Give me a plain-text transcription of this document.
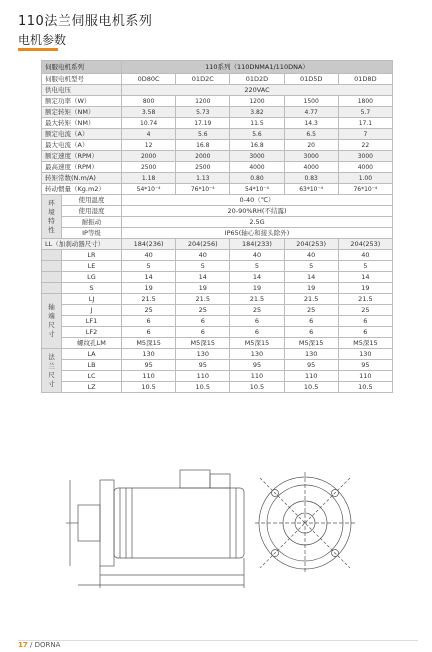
110法兰伺服电机系列
电机参数
伺服电机系列		110系列（110DNMA1/110DNA）				
伺服电机型号		0D80C	01D2C	01D2D	01D5D	01D8D
供电电压		220VAC				
额定功率（W）		800	1200	1200	1500	1800
额定转矩（NM）		3.58	5.73	3.82	4.77	5.7
最大转矩（NM）		10.74	17.19	11.5	14.3	17.1
额定电流（A）		4	5.6	5.6	6.5	7
最大电流（A）		12	16.8	16.8	20	22
额定速度（RPM）		2000	2000	3000	3000	3000
最高速度（RPM）		2500	2500	4000	4000	4000
转矩常数(N.m/A)		1.18	1.13	0.80	0.83	1.00
转动惯量（Kg.m2）		54*10⁻⁴	76*10⁻⁴	54*10⁻⁴	63*10⁻⁴	76*10⁻⁴

环
境
特
性	使用温度	0-40（℃）				
	使用湿度	20-90%RH(不结露)				
	耐振动	2.5G				
	IP等级	IP65(轴心和接头除外)				
LL（加刹动器尺寸）		184(236)	204(256)	184(233)	204(253)	204(253)
	LR	40	40	40	40	40
	LE	5	5	5	5	5
	LG	14	14	14	14	14
	S	19	19	19	19	19

轴
端
尺
寸	LJ	21.5	21.5	21.5	21.5	21.5
	J	25	25	25	25	25
	LF1	6	6	6	6	6
	LF2	6	6	6	6	6
	螺纹孔LM	M5深15	M5深15	M5深15	M5深15	M5深15

法
兰
尺
寸	LA	130	130	130	130	130
	LB	95	95	95	95	95
	LC	110	110	110	110	110
	LZ	10.5	10.5	10.5	10.5	10.5
17 / DORNA
